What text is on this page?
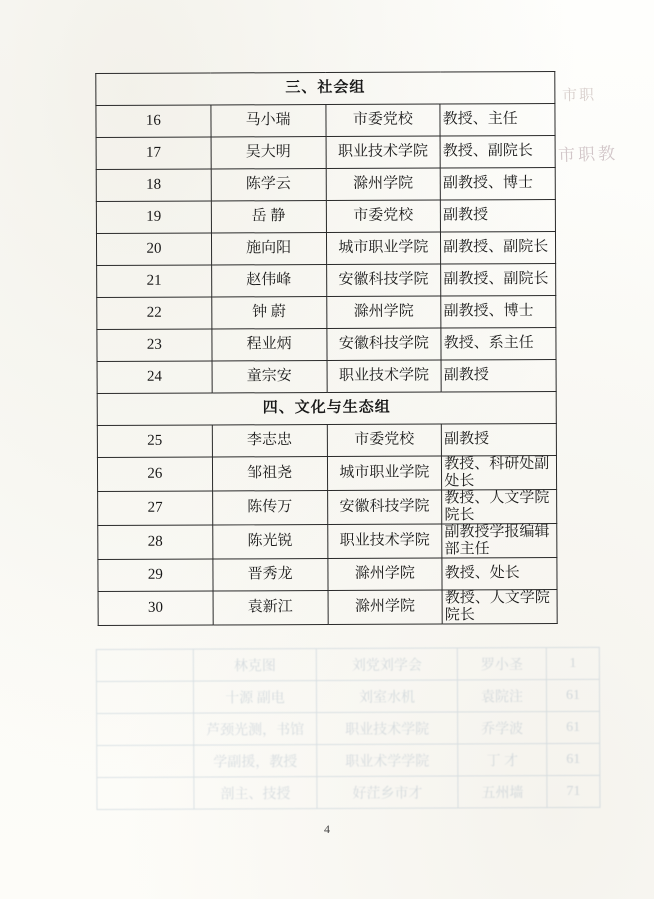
市职
市职教
三、社会组			
16	马小瑞	市委党校	教授、主任
17	吴大明	职业技术学院	教授、副院长
18	陈学云	滁州学院	副教授、博士
19	岳 静	市委党校	副教授
20	施向阳	城市职业学院	副教授、副院长
21	赵伟峰	安徽科技学院	副教授、副院长
22	钟 蔚	滁州学院	副教授、博士
23	程业炳	安徽科技学院	教授、系主任
24	童宗安	职业技术学院	副教授
四、文化与生态组			
25	李志忠	市委党校	副教授
26	邹祖尧	城市职业学院	教授、科研处副处长
27	陈传万	安徽科技学院	教授、人文学院院长
28	陈光锐	职业技术学院	副教授学报编辑部主任
29	晋秀龙	滁州学院	教授、处长
30	袁新江	滁州学院	教授、人文学院院长
	林克图	刘党刘学会	罗小圣	1
	十源 副电	刘室水机	袁院注	61
	芦颈光测，书馆	职业技术学院	乔学波	61
	学副援，教授	职业术学学院	丁 才	61
	剖主、技授	好茳乡市才	五州墙	71
4
